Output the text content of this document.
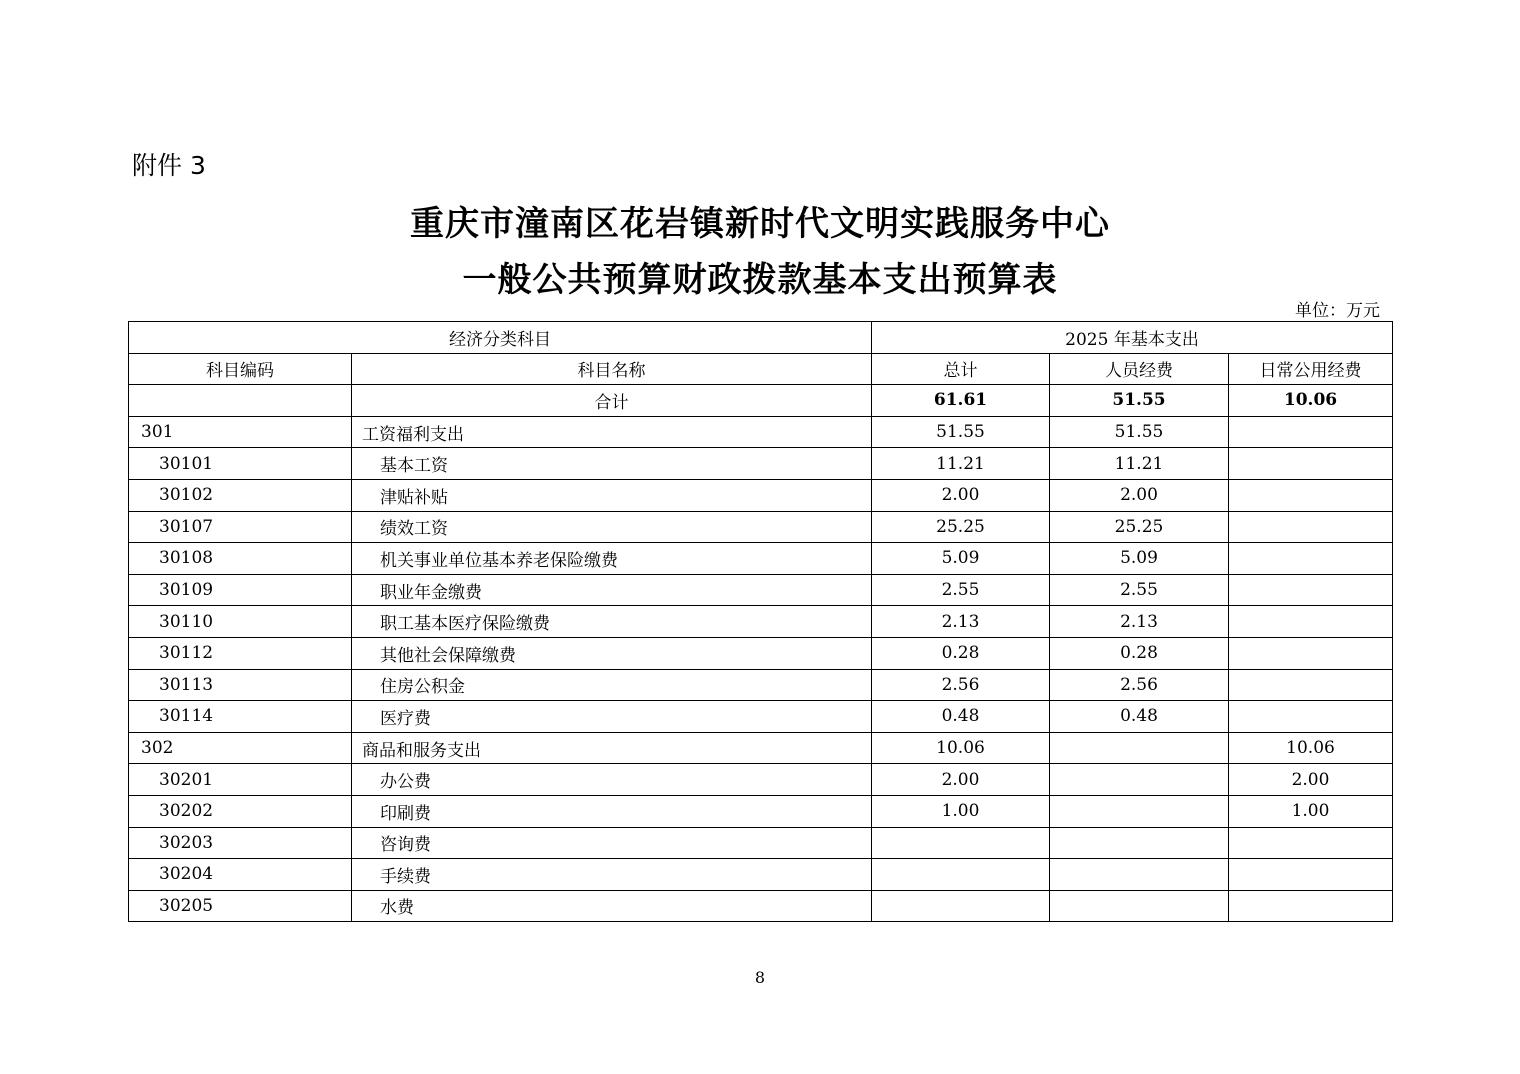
附件 3
重庆市潼南区花岩镇新时代文明实践服务中心
一般公共预算财政拨款基本支出预算表
单位：万元
经济分类科目		2025 年基本支出		
科目编码	科目名称	总计	人员经费	日常公用经费
	合计	61.61	51.55	10.06
301	工资福利支出	51.55	51.55	
30101	基本工资	11.21	11.21	
30102	津贴补贴	2.00	2.00	
30107	绩效工资	25.25	25.25	
30108	机关事业单位基本养老保险缴费	5.09	5.09	
30109	职业年金缴费	2.55	2.55	
30110	职工基本医疗保险缴费	2.13	2.13	
30112	其他社会保障缴费	0.28	0.28	
30113	住房公积金	2.56	2.56	
30114	医疗费	0.48	0.48	
302	商品和服务支出	10.06		10.06
30201	办公费	2.00		2.00
30202	印刷费	1.00		1.00
30203	咨询费			
30204	手续费			
30205	水费			
8
